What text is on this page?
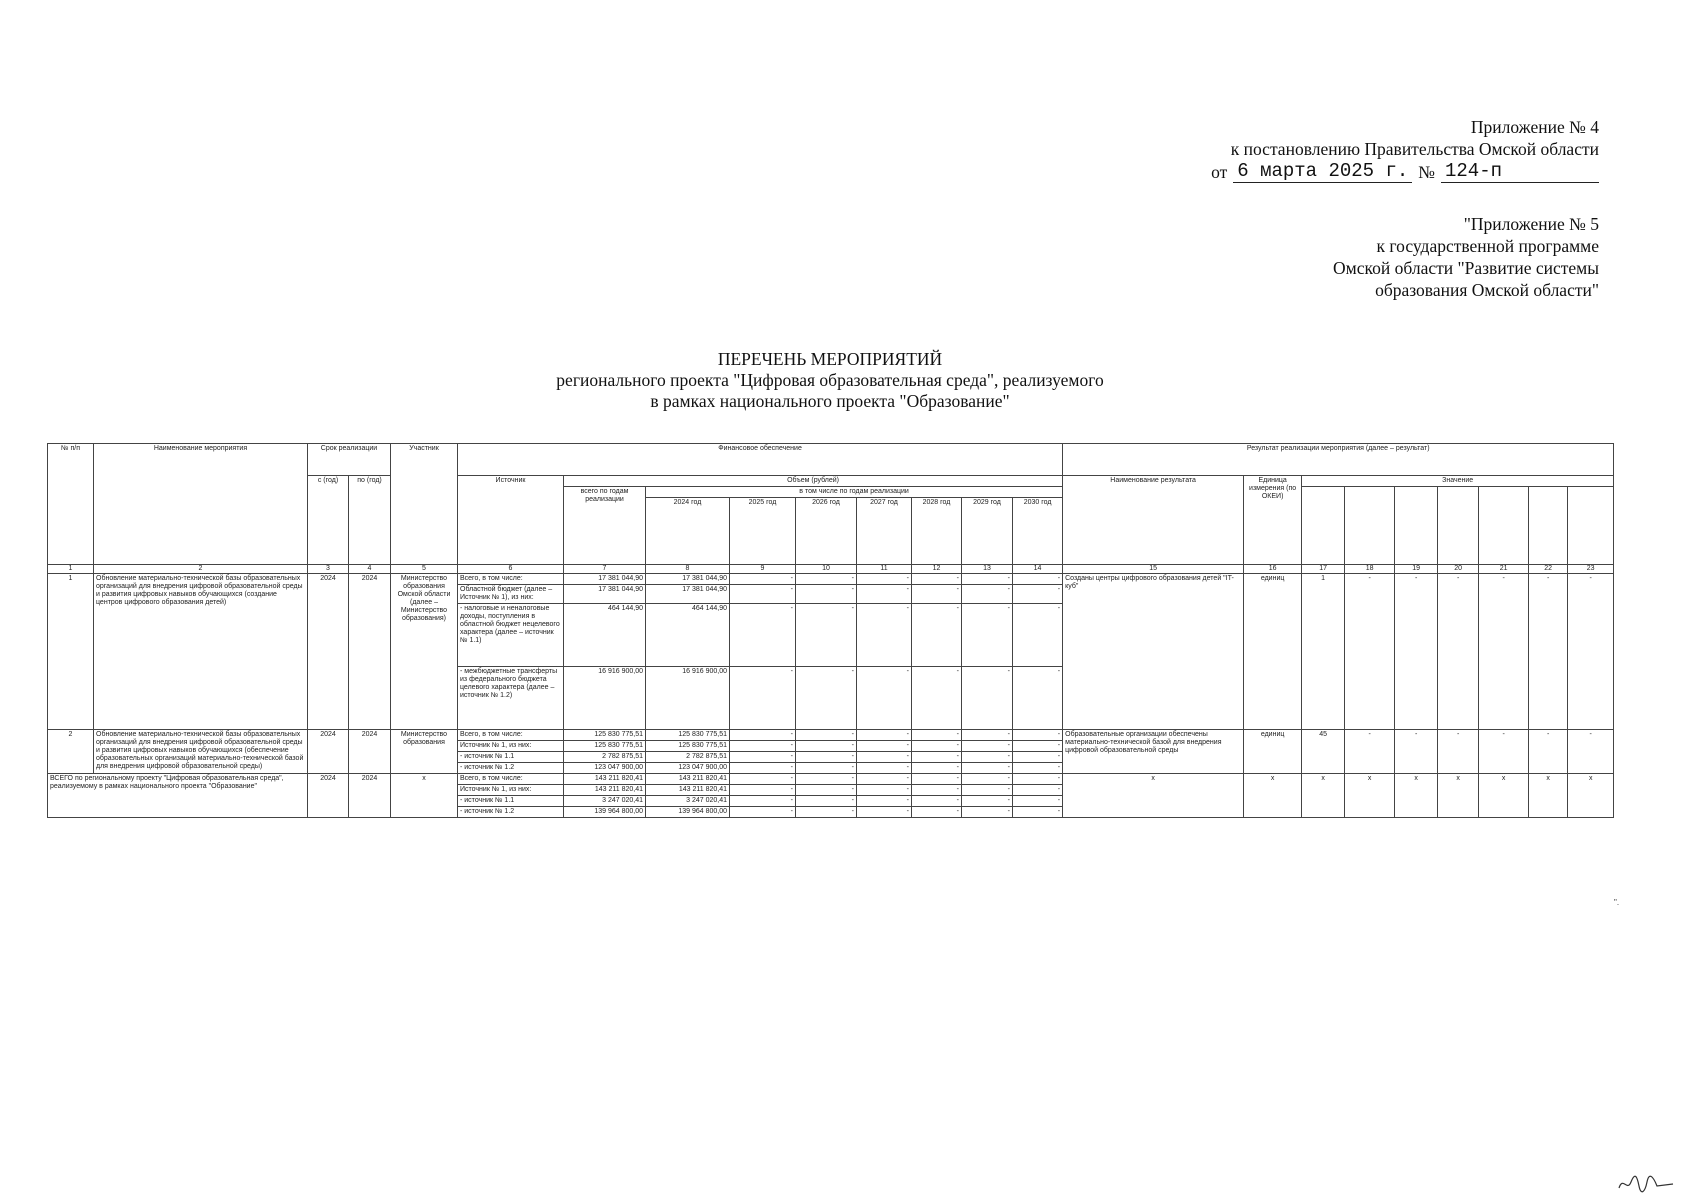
Приложение № 4
к постановлению Правительства Омской области
от 6 марта 2025 г. № 124-п
"Приложение № 5
к государственной программе
Омской области "Развитие системы
образования Омской области"
ПЕРЕЧЕНЬ МЕРОПРИЯТИЙ
регионального проекта "Цифровая образовательная среда", реализуемого
в рамках национального проекта "Образование"
№ п/п	Наименование мероприятия	Срок реализации		Участник	Финансовое обеспечение									Результат реализации мероприятия (далее – результат)								
		с (год)	по (год)		Источник	Объем (рублей)								Наименование результата	Единица измерения (по ОКЕИ)	Значение						
						всего по годам реализации	в том числе по годам реализации															
							2024 год	2025 год	2026 год	2027 год	2028 год	2029 год	2030 год									
1	2	3	4	5	6	7	8	9	10	11	12	13	14	15	16	17	18	19	20	21	22	23
1	Обновление материально-технической базы образовательных организаций для внедрения цифровой образовательной среды и развития цифровых навыков обучающихся (создание центров цифрового образования детей)	2024	2024	Министерство образования Омской области (далее – Министерство образования)	Всего, в том числе:	17 381 044,90	17 381 044,90	-	-	-	-	-	-	Созданы центры цифрового образования детей "IT-куб"	единиц	1	-	-	-	-	-	-
					Областной бюджет (далее – Источник № 1), из них:	17 381 044,90	17 381 044,90	-	-	-	-	-	-									
					- налоговые и неналоговые доходы, поступления в областной бюджет нецелевого характера (далее – источник № 1.1)	464 144,90	464 144,90	-	-	-	-	-	-									
					- межбюджетные трансферты из федерального бюджета целевого характера (далее – источник № 1.2)	16 916 900,00	16 916 900,00	-	-	-	-	-	-									
2	Обновление материально-технической базы образовательных организаций для внедрения цифровой образовательной среды и развития цифровых навыков обучающихся (обеспечение образовательных организаций материально-технической базой для внедрения цифровой образовательной среды)	2024	2024	Министерство образования	Всего, в том числе:	125 830 775,51	125 830 775,51	-	-	-	-	-	-	Образовательные организации обеспечены материально-технической базой для внедрения цифровой образовательной среды	единиц	45	-	-	-	-	-	-
					Источник № 1, из них:	125 830 775,51	125 830 775,51	-	-	-	-	-	-									
					- источник № 1.1	2 782 875,51	2 782 875,51	-	-	-	-	-	-									
					- источник № 1.2	123 047 900,00	123 047 900,00	-	-	-	-	-	-									
ВСЕГО по региональному проекту "Цифровая образовательная среда", реализуемому в рамках национального проекта "Образование"		2024	2024	x	Всего, в том числе:	143 211 820,41	143 211 820,41	-	-	-	-	-	-	x	x	x	x	x	x	x	x	x
					Источник № 1, из них:	143 211 820,41	143 211 820,41	-	-	-	-	-	-									
					- источник № 1.1	3 247 020,41	3 247 020,41	-	-	-	-	-	-									
					- источник № 1.2	139 964 800,00	139 964 800,00	-	-	-	-	-	-									
".
